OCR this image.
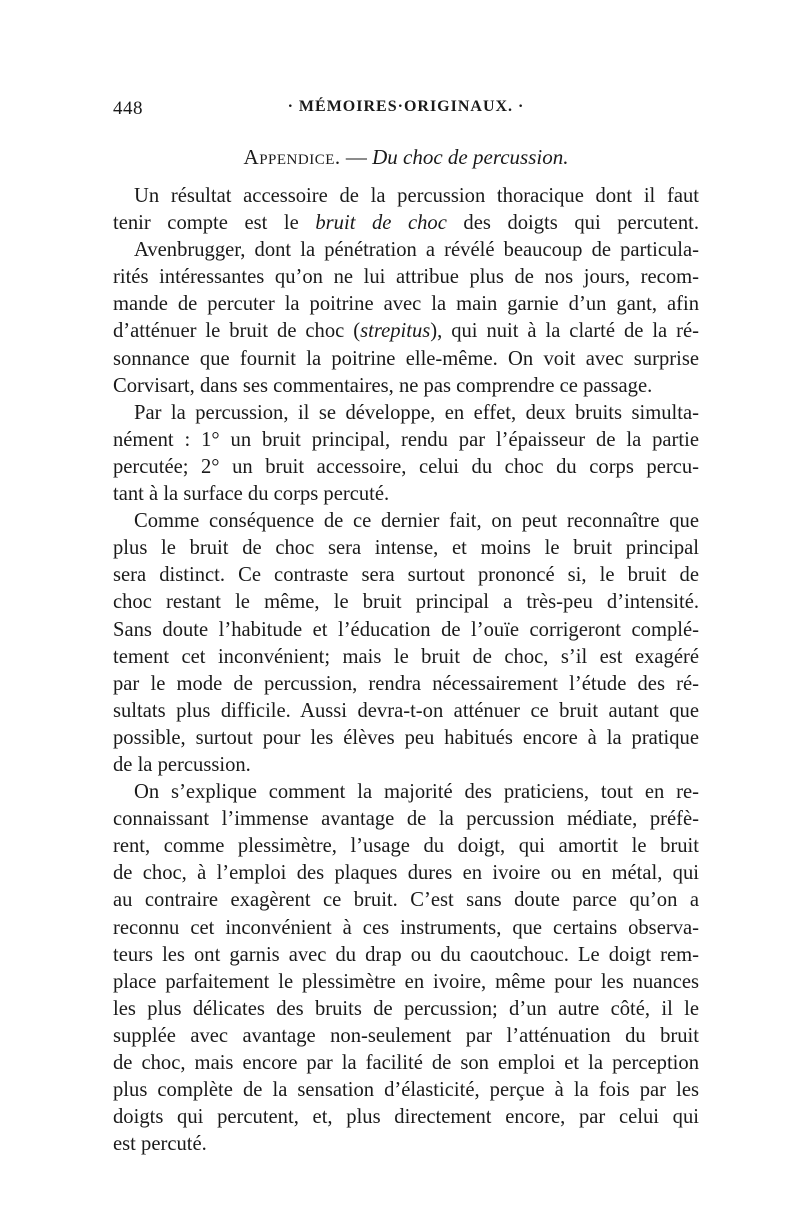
448	· MÉMOIRES·ORIGINAUX. ·
Appendice. — Du choc de percussion.
Un résultat accessoire de la percussion thoracique dont il faut
tenir compte est le bruit de choc des doigts qui percutent.
Avenbrugger, dont la pénétration a révélé beaucoup de particula-
rités intéressantes qu’on ne lui attribue plus de nos jours, recom-
mande de percuter la poitrine avec la main garnie d’un gant, afin
d’atténuer le bruit de choc (strepitus), qui nuit à la clarté de la ré-
sonnance que fournit la poitrine elle-même. On voit avec surprise
Corvisart, dans ses commentaires, ne pas comprendre ce passage.
Par la percussion, il se développe, en effet, deux bruits simulta-
nément : 1° un bruit principal, rendu par l’épaisseur de la partie
percutée; 2° un bruit accessoire, celui du choc du corps percu-
tant à la surface du corps percuté.
Comme conséquence de ce dernier fait, on peut reconnaître que
plus le bruit de choc sera intense, et moins le bruit principal
sera distinct. Ce contraste sera surtout prononcé si, le bruit de
choc restant le même, le bruit principal a très-peu d’intensité.
Sans doute l’habitude et l’éducation de l’ouïe corrigeront complé-
tement cet inconvénient; mais le bruit de choc, s’il est exagéré
par le mode de percussion, rendra nécessairement l’étude des ré-
sultats plus difficile. Aussi devra-t-on atténuer ce bruit autant que
possible, surtout pour les élèves peu habitués encore à la pratique
de la percussion.
On s’explique comment la majorité des praticiens, tout en re-
connaissant l’immense avantage de la percussion médiate, préfè-
rent, comme plessimètre, l’usage du doigt, qui amortit le bruit
de choc, à l’emploi des plaques dures en ivoire ou en métal, qui
au contraire exagèrent ce bruit. C’est sans doute parce qu’on a
reconnu cet inconvénient à ces instruments, que certains observa-
teurs les ont garnis avec du drap ou du caoutchouc. Le doigt rem-
place parfaitement le plessimètre en ivoire, même pour les nuances
les plus délicates des bruits de percussion; d’un autre côté, il le
supplée avec avantage non-seulement par l’atténuation du bruit
de choc, mais encore par la facilité de son emploi et la perception
plus complète de la sensation d’élasticité, perçue à la fois par les
doigts qui percutent, et, plus directement encore, par celui qui
est percuté.
